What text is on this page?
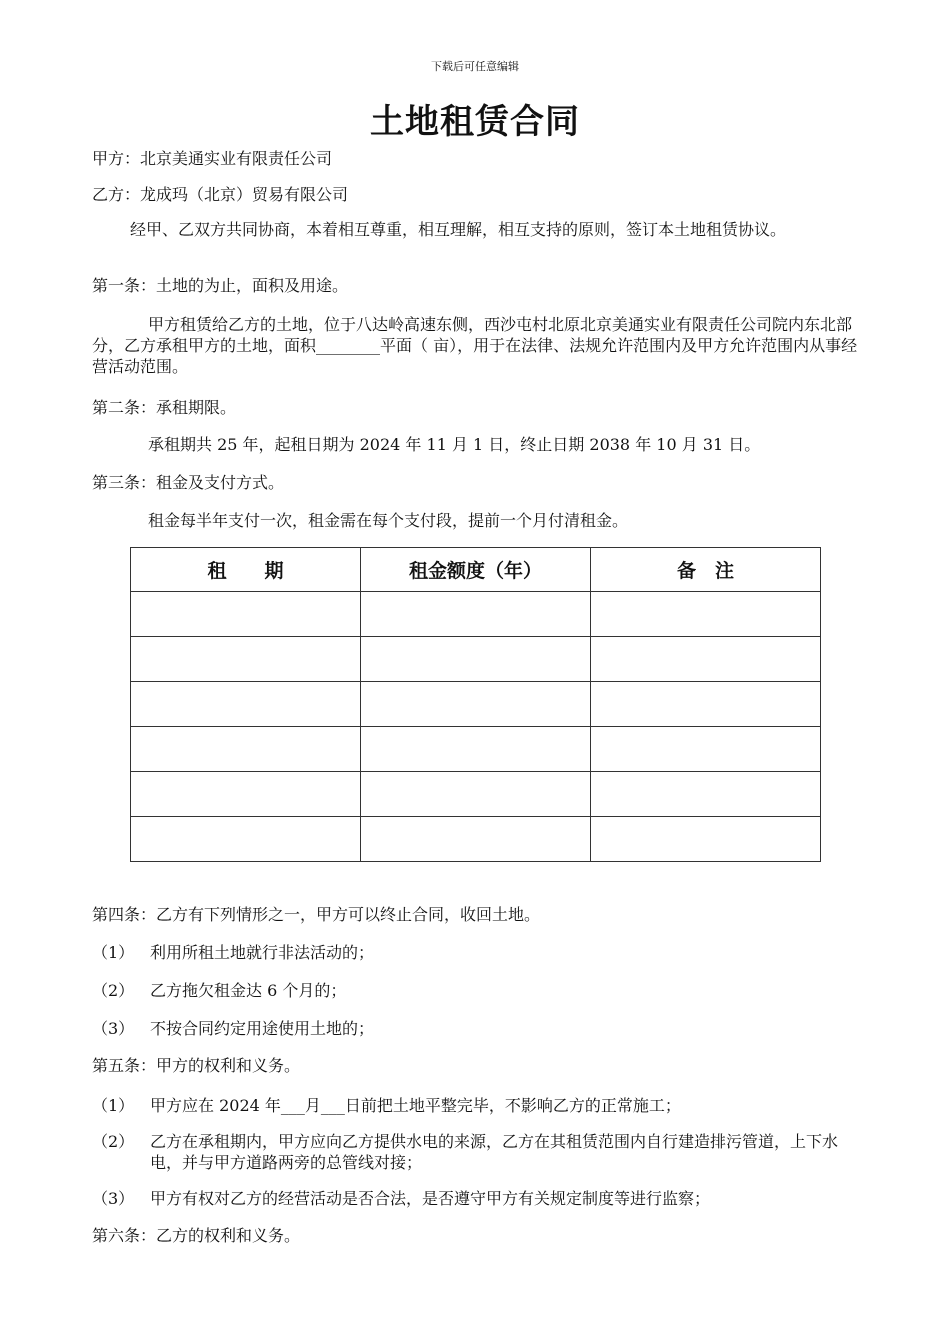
下载后可任意编辑
土地租赁合同
甲方：北京美通实业有限责任公司
乙方：龙成玛（北京）贸易有限公司
经甲、乙双方共同协商，本着相互尊重，相互理解，相互支持的原则，签订本土地租赁协议。
第一条：土地的为止，面积及用途。
甲方租赁给乙方的土地，位于八达岭高速东侧，西沙屯村北原北京美通实业有限责任公司院内东北部分，乙方承租甲方的土地，面积________平面（ 亩），用于在法律、法规允许范围内及甲方允许范围内从事经营活动范围。
第二条：承租期限。
承租期共 25 年，起租日期为 2024 年 11 月 1 日，终止日期 2038 年 10 月 31 日。
第三条：租金及支付方式。
租金每半年支付一次，租金需在每个支付段，提前一个月付清租金。
租　　期	租金额度（年）	备　注

第四条：乙方有下列情形之一，甲方可以终止合同，收回土地。
（1） 利用所租土地就行非法活动的；
（2） 乙方拖欠租金达 6 个月的；
（3） 不按合同约定用途使用土地的；
第五条：甲方的权利和义务。
（1） 甲方应在 2024 年___月___日前把土地平整完毕，不影响乙方的正常施工；
（2） 乙方在承租期内，甲方应向乙方提供水电的来源，乙方在其租赁范围内自行建造排污管道，上下水电，并与甲方道路两旁的总管线对接；
（3） 甲方有权对乙方的经营活动是否合法，是否遵守甲方有关规定制度等进行监察；
第六条：乙方的权利和义务。
